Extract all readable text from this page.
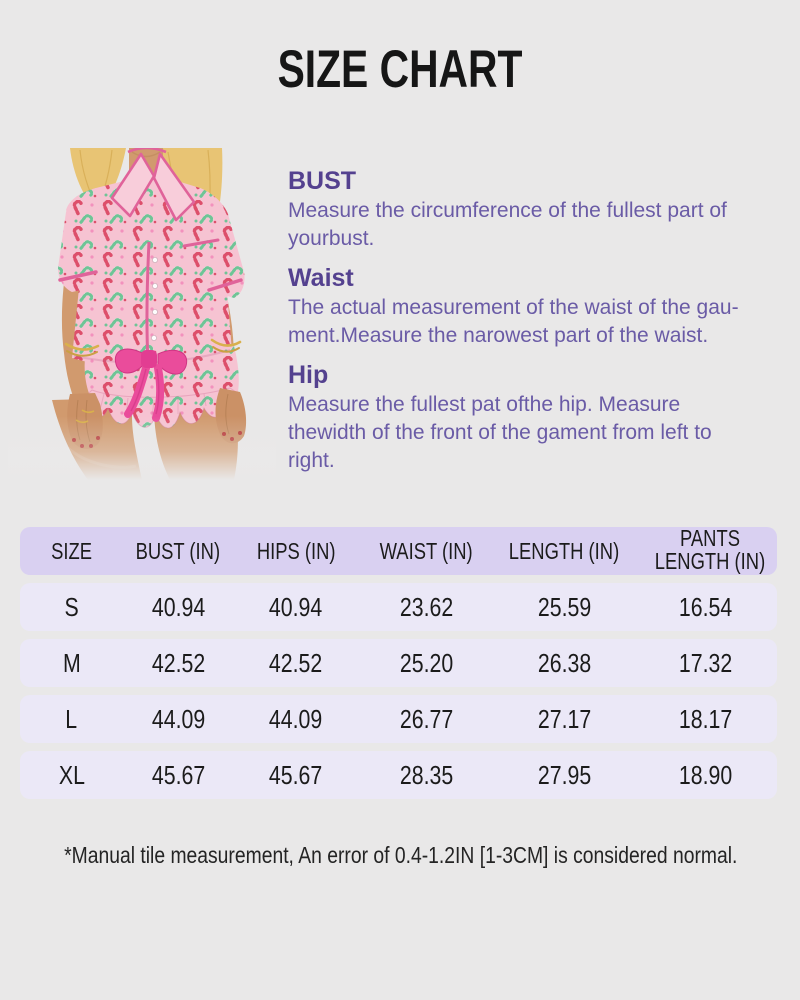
SIZE CHART
BUST
Measure the circumference of the fullest part of
yourbust.
Waist
The actual measurement of the waist of the gau-
ment.Measure the narowest part of the waist.
Hip
Measure the fullest pat ofthe hip. Measure
thewidth of the front of the gament from left to
right.
SIZE	BUST (IN)	HIPS (IN)	WAIST (IN)	LENGTH (IN)	PANTS LENGTH (IN)
S	40.94	40.94	23.62	25.59	16.54
M	42.52	42.52	25.20	26.38	17.32
L	44.09	44.09	26.77	27.17	18.17
XL	45.67	45.67	28.35	27.95	18.90

*Manual tile measurement, An error of 0.4-1.2IN [1-3CM] is considered normal.
